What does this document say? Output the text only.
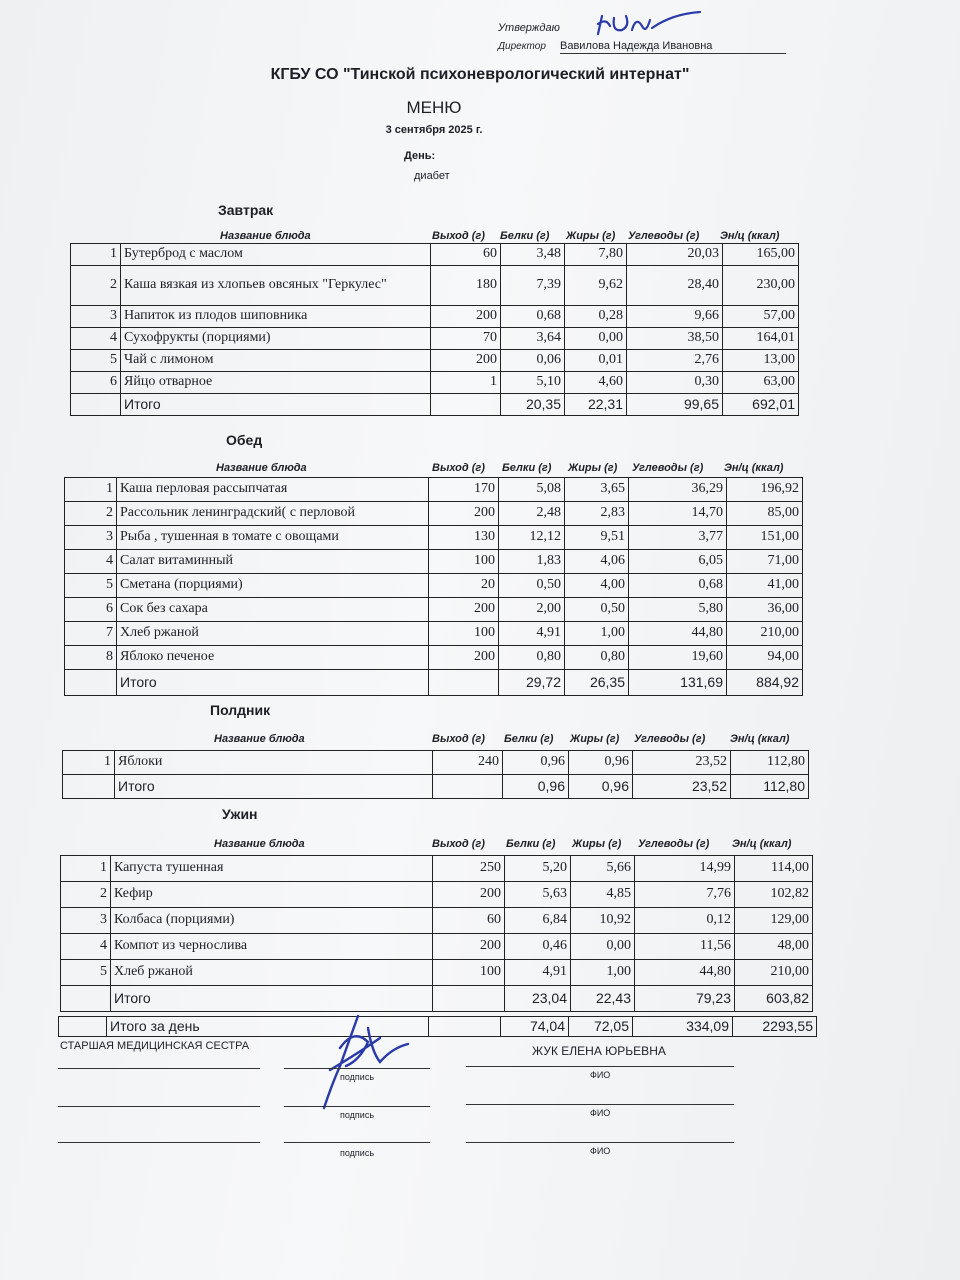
Утверждаю
Директор Вавилова Надежда Ивановна
КГБУ СО "Тинской психоневрологический интернат"
МЕНЮ
3 сентября 2025 г.
День:
диабет
Завтрак
Название блюда	Выход (г) Белки (г) Жиры (г) Углеводы (г) Эн/ц (ккал)
1	Бутерброд с маслом	60	3,48	7,80	20,03	165,00
2	Каша вязкая из хлопьев овсяных "Геркулес"	180	7,39	9,62	28,40	230,00
3	Напиток из плодов шиповника	200	0,68	0,28	9,66	57,00
4	Сухофрукты (порциями)	70	3,64	0,00	38,50	164,01
5	Чай с лимоном	200	0,06	0,01	2,76	13,00
6	Яйцо отварное	1	5,10	4,60	0,30	63,00
	Итого		20,35	22,31	99,65	692,01
Обед
Название блюда	Выход (г) Белки (г) Жиры (г) Углеводы (г) Эн/ц (ккал)
1	Каша перловая рассыпчатая	170	5,08	3,65	36,29	196,92
2	Рассольник ленинградский( с перловой	200	2,48	2,83	14,70	85,00
3	Рыба , тушенная в томате с овощами	130	12,12	9,51	3,77	151,00
4	Салат витаминный	100	1,83	4,06	6,05	71,00
5	Сметана (порциями)	20	0,50	4,00	0,68	41,00
6	Сок без сахара	200	2,00	0,50	5,80	36,00
7	Хлеб ржаной	100	4,91	1,00	44,80	210,00
8	Яблоко печеное	200	0,80	0,80	19,60	94,00
	Итого		29,72	26,35	131,69	884,92
Полдник
Название блюда	Выход (г) Белки (г) Жиры (г) Углеводы (г) Эн/ц (ккал)
1	Яблоки	240	0,96	0,96	23,52	112,80
	Итого		0,96	0,96	23,52	112,80
Ужин
Название блюда	Выход (г) Белки (г) Жиры (г) Углеводы (г) Эн/ц (ккал)
1	Капуста тушенная	250	5,20	5,66	14,99	114,00
2	Кефир	200	5,63	4,85	7,76	102,82
3	Колбаса (порциями)	60	6,84	10,92	0,12	129,00
4	Компот из чернослива	200	0,46	0,00	11,56	48,00
5	Хлеб ржаной	100	4,91	1,00	44,80	210,00
	Итого		23,04	22,43	79,23	603,82
	Итого за день		74,04	72,05	334,09	2293,55
СТАРШАЯ МЕДИЦИНСКАЯ СЕСТРА	ЖУК ЕЛЕНА ЮРЬЕВНА
подпись	ФИО
подпись	ФИО
подпись	ФИО
